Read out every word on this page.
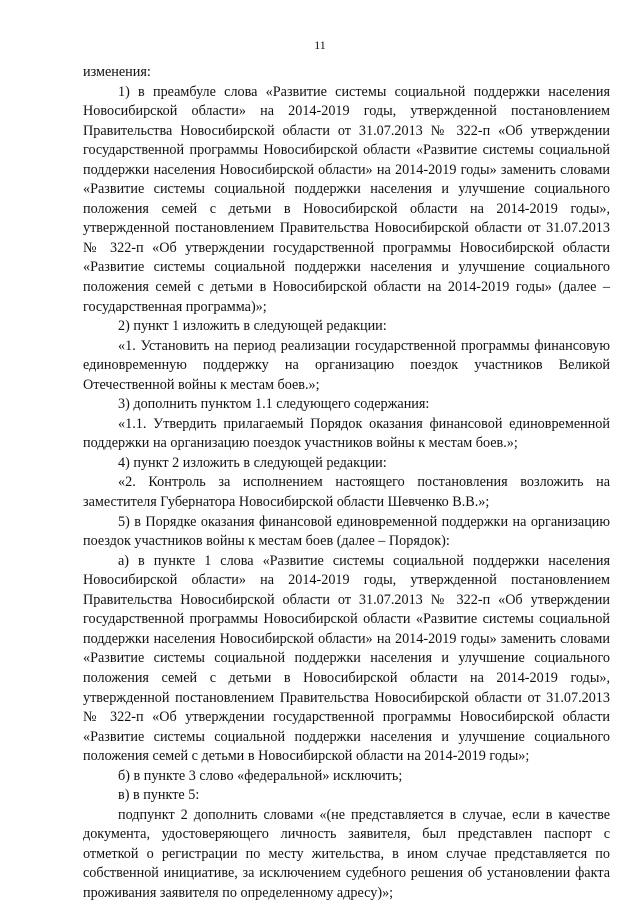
11

изменения:

1) в преамбуле слова «Развитие системы социальной поддержки населения Новосибирской области» на 2014-2019 годы, утвержденной постановлением Правительства Новосибирской области от 31.07.2013 № 322-п «Об утверждении государственной программы Новосибирской области «Развитие системы социальной поддержки населения Новосибирской области» на 2014-2019 годы» заменить словами «Развитие системы социальной поддержки населения и улучшение социального положения семей с детьми в Новосибирской области на 2014-2019 годы», утвержденной постановлением Правительства Новосибирской области от 31.07.2013 № 322-п «Об утверждении государственной программы Новосибирской области «Развитие системы социальной поддержки населения и улучшение социального положения семей с детьми в Новосибирской области на 2014-2019 годы» (далее – государственная программа)»;

2) пункт 1 изложить в следующей редакции:

«1. Установить на период реализации государственной программы финансовую единовременную поддержку на организацию поездок участников Великой Отечественной войны к местам боев.»;

3) дополнить пунктом 1.1 следующего содержания:

«1.1. Утвердить прилагаемый Порядок оказания финансовой единовременной поддержки на организацию поездок участников войны к местам боев.»;

4) пункт 2 изложить в следующей редакции:

«2. Контроль за исполнением настоящего постановления возложить на заместителя Губернатора Новосибирской области Шевченко В.В.»;

5) в Порядке оказания финансовой единовременной поддержки на организацию поездок участников войны к местам боев (далее – Порядок):

а) в пункте 1 слова «Развитие системы социальной поддержки населения Новосибирской области» на 2014-2019 годы, утвержденной постановлением Правительства Новосибирской области от 31.07.2013 № 322-п «Об утверждении государственной программы Новосибирской области «Развитие системы социальной поддержки населения Новосибирской области» на 2014-2019 годы» заменить словами «Развитие системы социальной поддержки населения и улучшение социального положения семей с детьми в Новосибирской области на 2014-2019 годы», утвержденной постановлением Правительства Новосибирской области от 31.07.2013 № 322-п «Об утверждении государственной программы Новосибирской области «Развитие системы социальной поддержки населения и улучшение социального положения семей с детьми в Новосибирской области на 2014-2019 годы»;

б) в пункте 3 слово «федеральной» исключить;

в) в пункте 5:

подпункт 2 дополнить словами «(не представляется в случае, если в качестве документа, удостоверяющего личность заявителя, был представлен паспорт с отметкой о регистрации по месту жительства, в ином случае представляется по собственной инициативе, за исключением судебного решения об установлении факта проживания заявителя по определенному адресу)»;
